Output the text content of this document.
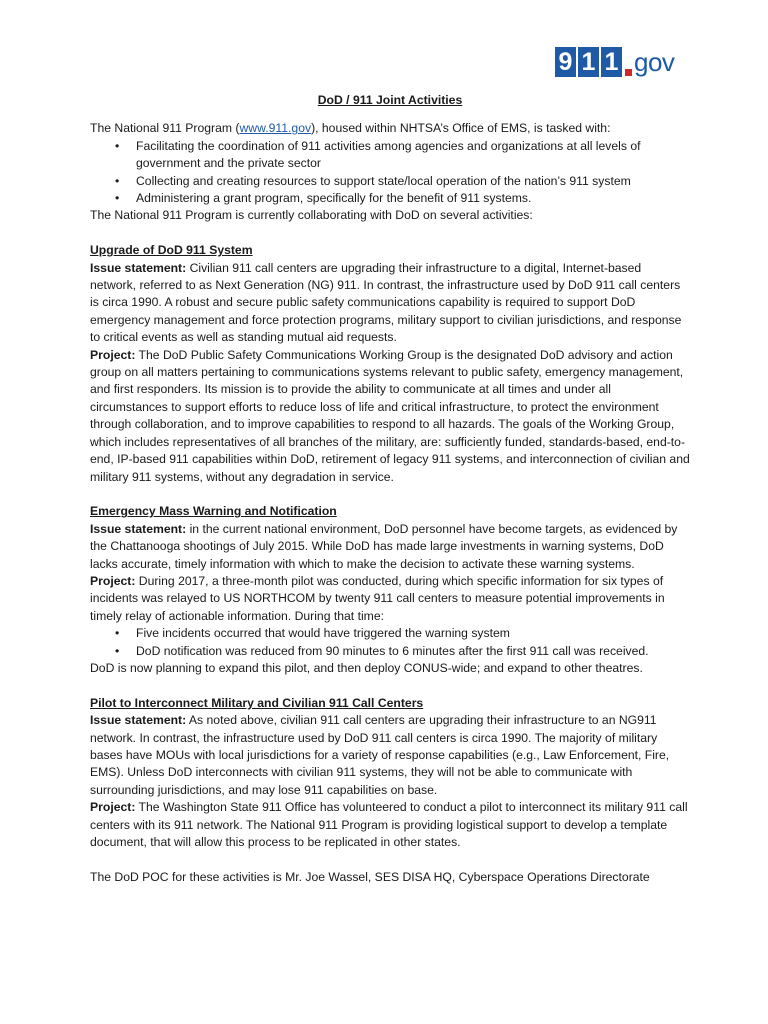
9 1 1 gov
DoD / 911 Joint Activities

The National 911 Program (www.911.gov), housed within NHTSA’s Office of EMS, is tasked with:

• Facilitating the coordination of 911 activities among agencies and organizations at all levels of government and the private sector
• Collecting and creating resources to support state/local operation of the nation’s 911 system
• Administering a grant program, specifically for the benefit of 911 systems.

The National 911 Program is currently collaborating with DoD on several activities:

Upgrade of DoD 911 System

Issue statement: Civilian 911 call centers are upgrading their infrastructure to a digital, Internet-based network, referred to as Next Generation (NG) 911. In contrast, the infrastructure used by DoD 911 call centers is circa 1990. A robust and secure public safety communications capability is required to support DoD emergency management and force protection programs, military support to civilian jurisdictions, and response to critical events as well as standing mutual aid requests.

Project: The DoD Public Safety Communications Working Group is the designated DoD advisory and action group on all matters pertaining to communications systems relevant to public safety, emergency management, and first responders. Its mission is to provide the ability to communicate at all times and under all circumstances to support efforts to reduce loss of life and critical infrastructure, to protect the environment through collaboration, and to improve capabilities to respond to all hazards. The goals of the Working Group, which includes representatives of all branches of the military, are: sufficiently funded, standards-based, end-to-end, IP-based 911 capabilities within DoD, retirement of legacy 911 systems, and interconnection of civilian and military 911 systems, without any degradation in service.

Emergency Mass Warning and Notification

Issue statement: in the current national environment, DoD personnel have become targets, as evidenced by the Chattanooga shootings of July 2015. While DoD has made large investments in warning systems, DoD lacks accurate, timely information with which to make the decision to activate these warning systems.

Project: During 2017, a three-month pilot was conducted, during which specific information for six types of incidents was relayed to US NORTHCOM by twenty 911 call centers to measure potential improvements in timely relay of actionable information. During that time:

• Five incidents occurred that would have triggered the warning system
• DoD notification was reduced from 90 minutes to 6 minutes after the first 911 call was received.

DoD is now planning to expand this pilot, and then deploy CONUS-wide; and expand to other theatres.

Pilot to Interconnect Military and Civilian 911 Call Centers

Issue statement: As noted above, civilian 911 call centers are upgrading their infrastructure to an NG911 network. In contrast, the infrastructure used by DoD 911 call centers is circa 1990. The majority of military bases have MOUs with local jurisdictions for a variety of response capabilities (e.g., Law Enforcement, Fire, EMS). Unless DoD interconnects with civilian 911 systems, they will not be able to communicate with surrounding jurisdictions, and may lose 911 capabilities on base.

Project: The Washington State 911 Office has volunteered to conduct a pilot to interconnect its military 911 call centers with its 911 network. The National 911 Program is providing logistical support to develop a template document, that will allow this process to be replicated in other states.

The DoD POC for these activities is Mr. Joe Wassel, SES DISA HQ, Cyberspace Operations Directorate
